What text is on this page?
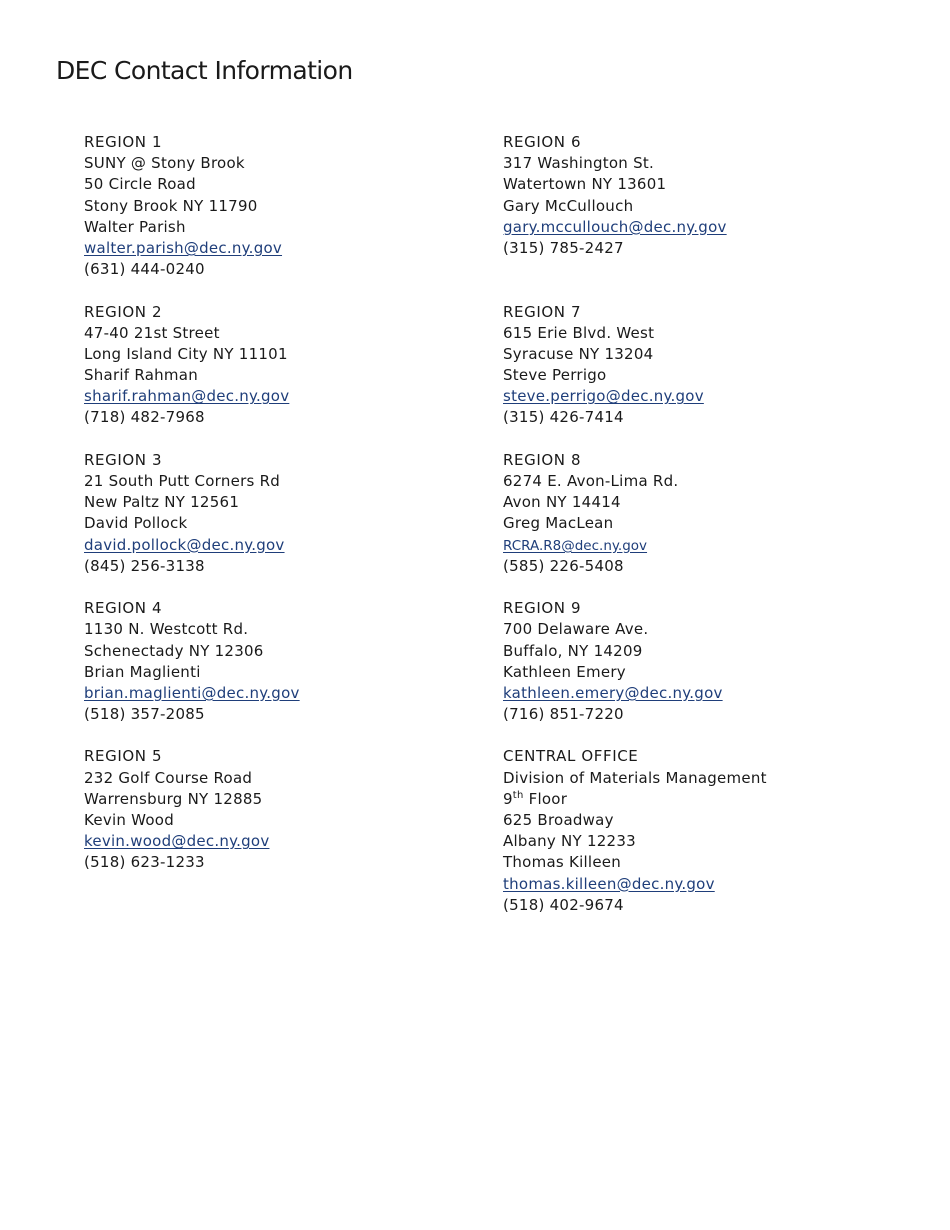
DEC Contact Information
REGION 1
SUNY @ Stony Brook
50 Circle Road
Stony Brook NY 11790
Walter Parish
walter.parish@dec.ny.gov
(631) 444-0240
REGION 2
47-40 21st Street
Long Island City NY 11101
Sharif Rahman
sharif.rahman@dec.ny.gov
(718) 482-7968
REGION 3
21 South Putt Corners Rd
New Paltz NY 12561
David Pollock
david.pollock@dec.ny.gov
(845) 256-3138
REGION 4
1130 N. Westcott Rd.
Schenectady NY 12306
Brian Maglienti
brian.maglienti@dec.ny.gov
(518) 357-2085
REGION 5
232 Golf Course Road
Warrensburg NY 12885
Kevin Wood
kevin.wood@dec.ny.gov
(518) 623-1233
REGION 6
317 Washington St.
Watertown NY 13601
Gary McCullouch
gary.mccullouch@dec.ny.gov
(315) 785-2427
REGION 7
615 Erie Blvd. West
Syracuse NY 13204
Steve Perrigo
steve.perrigo@dec.ny.gov
(315) 426-7414
REGION 8
6274 E. Avon-Lima Rd.
Avon NY 14414
Greg MacLean
RCRA.R8@dec.ny.gov
(585) 226-5408
REGION 9
700 Delaware Ave.
Buffalo, NY 14209
Kathleen Emery
kathleen.emery@dec.ny.gov
(716) 851-7220
CENTRAL OFFICE
Division of Materials Management
9th Floor
625 Broadway
Albany NY 12233
Thomas Killeen
thomas.killeen@dec.ny.gov
(518) 402-9674
